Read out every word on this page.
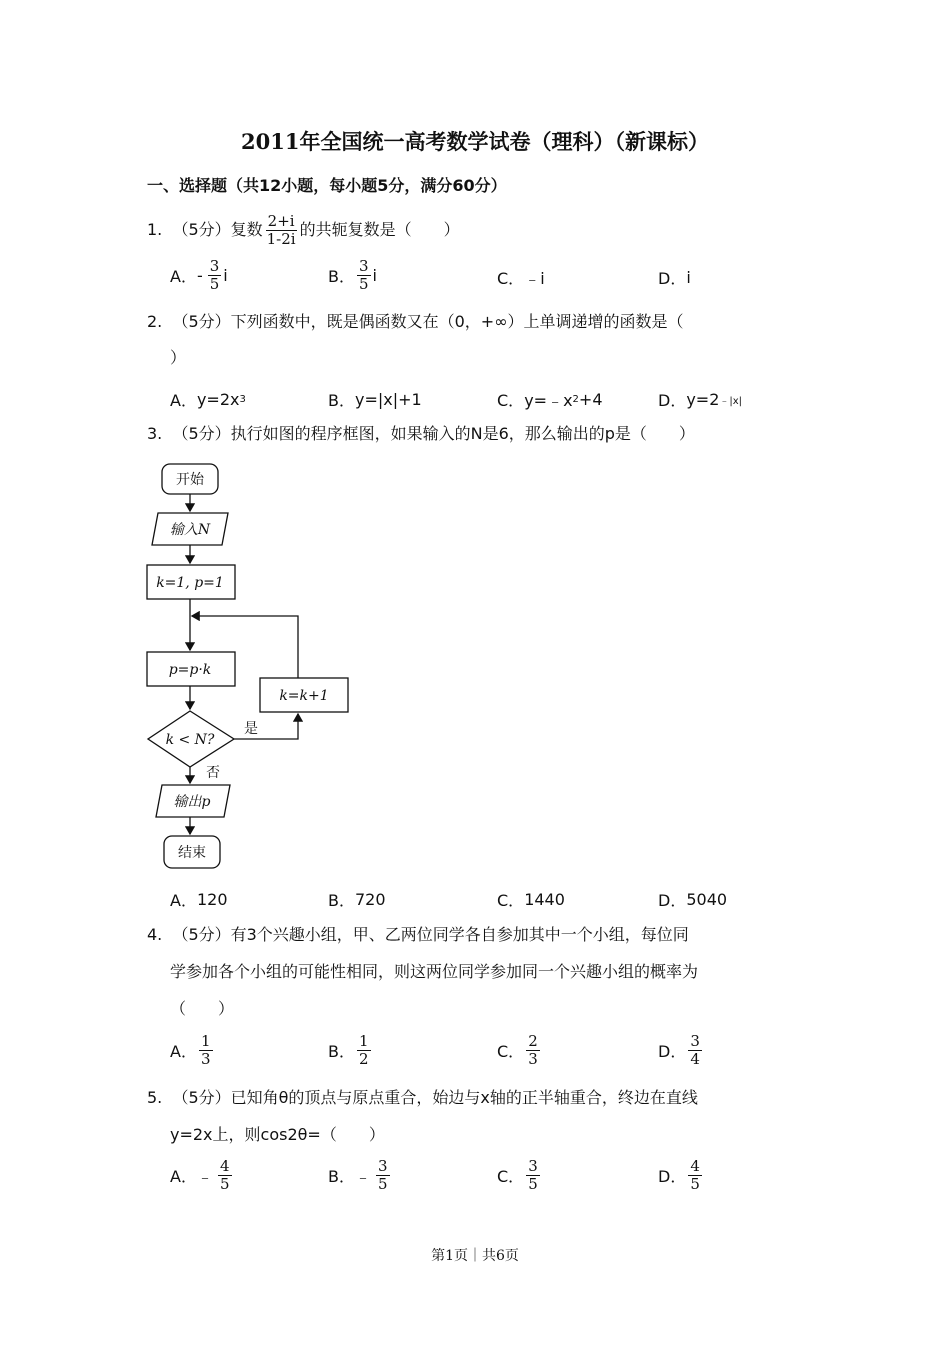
2011年全国统一高考数学试卷（理科）（新课标）
一、选择题（共12小题，每小题5分，满分60分）
1. （5分）复数 $\frac{2+i}{1-2i}$ 的共轭复数是（　　）
A． - $\frac{3}{5}$ i	B． $\frac{3}{5}$ i	C． ﹣i	D． i
2. （5分）下列函数中，既是偶函数又在（0，+∞）上单调递增的函数是（
）
A． y=2x 3	B． y=|x|+1	C． y=﹣x 2 +4	D． y=2 ﹣|x|
3. （5分）执行如图的程序框图，如果输入的N是6，那么输出的p是（　　）
开始
输入N
k=1, p=1
p=p·k
k < N?
k=k+1
是
否
输出p
结束
A． 120	B． 720	C． 1440	D． 5040
4. （5分）有3个兴趣小组，甲、乙两位同学各自参加其中一个小组，每位同
学参加各个小组的可能性相同，则这两位同学参加同一个兴趣小组的概率为
（　　）
A． $\frac{1}{3}$	B． $\frac{1}{2}$	C． $\frac{2}{3}$	D． $\frac{3}{4}$
5. （5分）已知角θ的顶点与原点重合，始边与x轴的正半轴重合，终边在直线
y=2x上，则cos2θ=（　　）
A． ﹣ $\frac{4}{5}$	B． ﹣ $\frac{3}{5}$	C． $\frac{3}{5}$	D． $\frac{4}{5}$
第1页｜共6页
